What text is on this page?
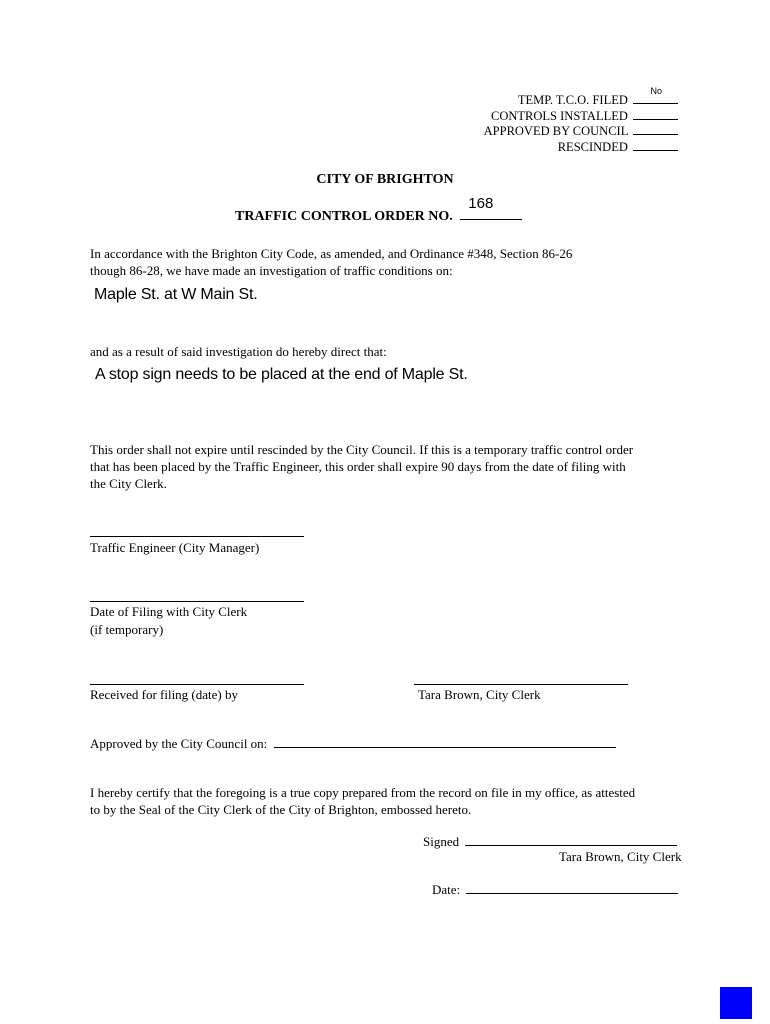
TEMP. T.C.O. FILED
No
CONTROLS INSTALLED
APPROVED BY COUNCIL
RESCINDED
CITY OF BRIGHTON
TRAFFIC CONTROL ORDER NO.
168
In accordance with the Brighton City Code, as amended, and Ordinance #348, Section 86-26
though 86-28, we have made an investigation of traffic conditions on:
Maple St. at W Main St.
and as a result of said investigation do hereby direct that:
A stop sign needs to be placed at the end of Maple St.
This order shall not expire until rescinded by the City Council. If this is a temporary traffic control order
that has been placed by the Traffic Engineer, this order shall expire 90 days from the date of filing with
the City Clerk.
Traffic Engineer (City Manager)
Date of Filing with City Clerk
(if temporary)
Received for filing (date) by	Tara Brown, City Clerk
Approved by the City Council on:
I hereby certify that the foregoing is a true copy prepared from the record on file in my office, as attested
to by the Seal of the City Clerk of the City of Brighton, embossed hereto.
Signed
Tara Brown, City Clerk
Date:
